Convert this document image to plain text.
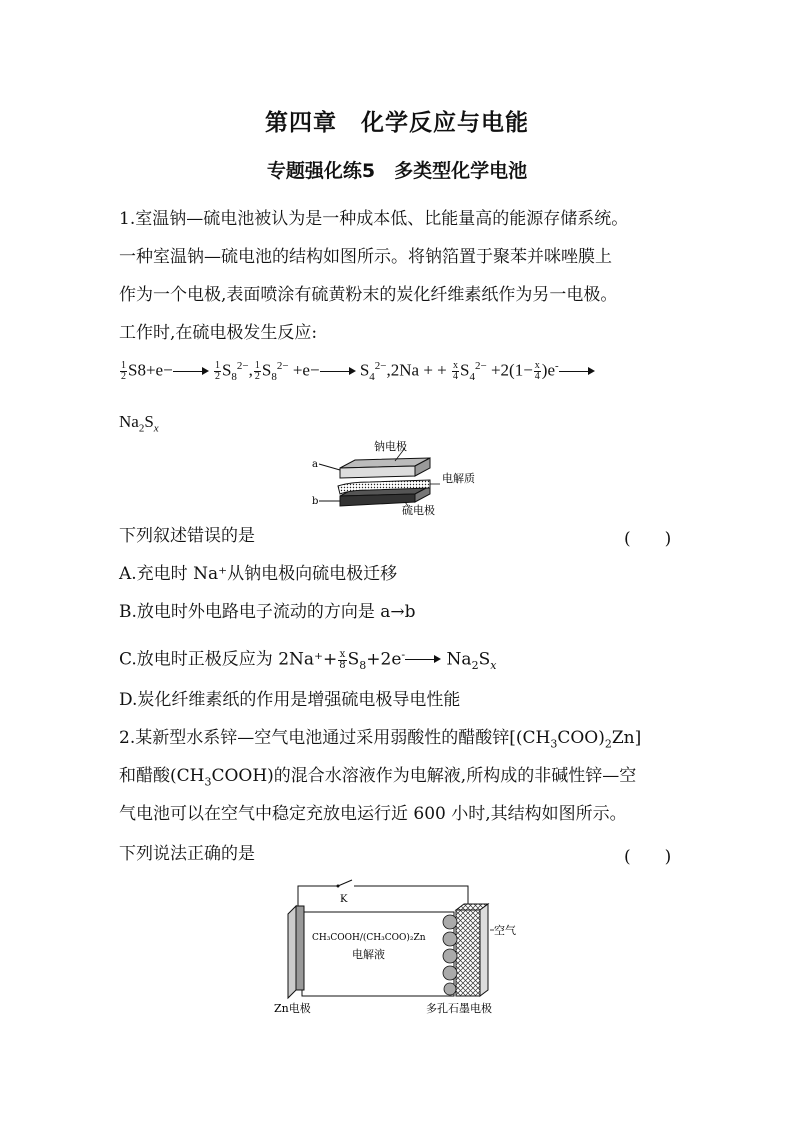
第四章　化学反应与电能
专题强化练5　多类型化学电池
1.室温钠—硫电池被认为是一种成本低、比能量高的能源存储系统。
一种室温钠—硫电池的结构如图所示。将钠箔置于聚苯并咪唑膜上
作为一个电极,表面喷涂有硫黄粉末的炭化纤维素纸作为另一电极。
工作时,在硫电极发生反应:
$\frac{1}{2} S8+e-$	$\frac{1}{2} S_8^{2-}$, $\frac{1}{2} S_8^{2-} +e- S_4^{2-},2Na$ + + $\frac{x}{4} S_4^{2-} +2(1- \frac{x}{4} )e^-$
$Na_2S_x$
a
b
钠电极
电解质
硫电极
下列叙述错误的是	(　　)
A.充电时 Na⁺从钠电极向硫电极迁移
B.放电时外电路电子流动的方向是 a→b
C.放电时正极反应为 $2Na^++ \frac{x}{8} S_8+2e^-$ $Na_2S_x$
D.炭化纤维素纸的作用是增强硫电极导电性能
2.某新型水系锌—空气电池通过采用弱酸性的醋酸锌$[(CH_3COO)_2Zn]$
和醋酸$(CH_3COOH)$的混合水溶液作为电解液,所构成的非碱性锌—空
气电池可以在空气中稳定充放电运行近 600 小时,其结构如图所示。
下列说法正确的是	(　　)
K
空气
CH₃COOH/(CH₃COO)₂Zn
电解液
Zn电极	多孔石墨电极
